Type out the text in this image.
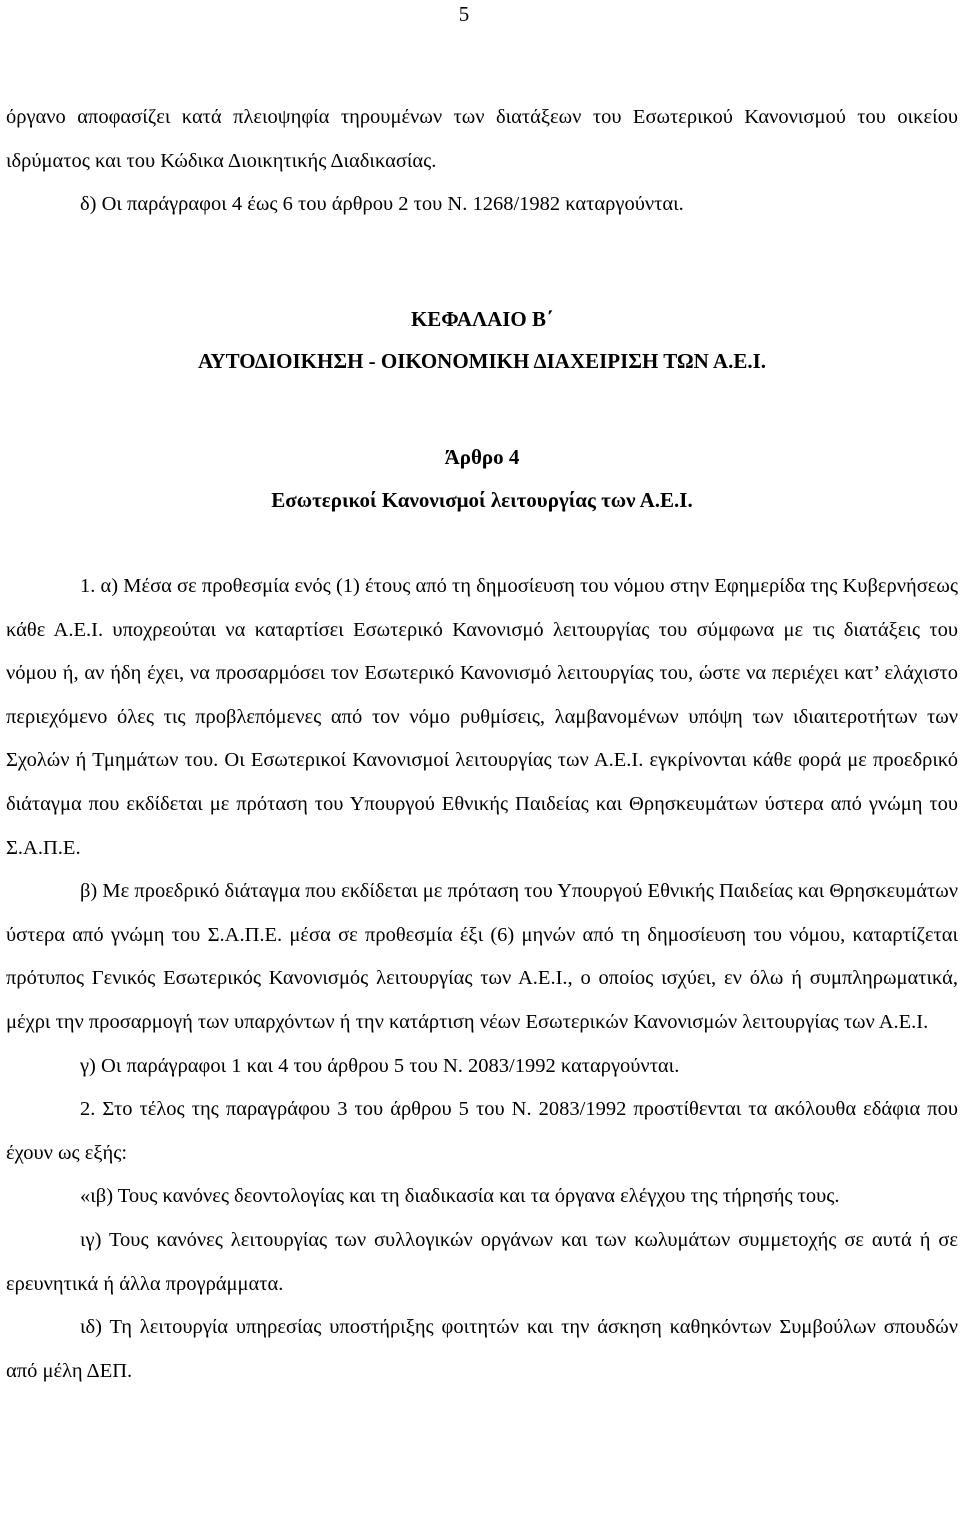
5

όργανο αποφασίζει κατά πλειοψηφία τηρουμένων των διατάξεων του Εσωτερικού Κανονισμού του οικείου ιδρύματος και του Κώδικα Διοικητικής Διαδικασίας.

δ) Οι παράγραφοι 4 έως 6 του άρθρου 2 του Ν. 1268/1982 καταργούνται.

ΚΕΦΑΛΑΙΟ Β΄

ΑΥΤΟΔΙΟΙΚΗΣΗ - ΟΙΚΟΝΟΜΙΚΗ ΔΙΑΧΕΙΡΙΣΗ ΤΩΝ Α.Ε.Ι.

Άρθρο 4

Εσωτερικοί Κανονισμοί λειτουργίας των Α.Ε.Ι.

1. α) Μέσα σε προθεσμία ενός (1) έτους από τη δημοσίευση του νόμου στην Εφημερίδα της Κυβερνήσεως κάθε Α.Ε.Ι. υποχρεούται να καταρτίσει Εσωτερικό Κανονισμό λειτουργίας του σύμφωνα με τις διατάξεις του νόμου ή, αν ήδη έχει, να προσαρμόσει τον Εσωτερικό Κανονισμό λειτουργίας του, ώστε να περιέχει κατ’ ελάχιστο περιεχόμενο όλες τις προβλεπόμενες από τον νόμο ρυθμίσεις, λαμβανομένων υπόψη των ιδιαιτεροτήτων των Σχολών ή Τμημάτων του. Οι Εσωτερικοί Κανονισμοί λειτουργίας των Α.Ε.Ι. εγκρίνονται κάθε φορά με προεδρικό διάταγμα που εκδίδεται με πρόταση του Υπουργού Εθνικής Παιδείας και Θρησκευμάτων ύστερα από γνώμη του Σ.Α.Π.Ε.

β) Με προεδρικό διάταγμα που εκδίδεται με πρόταση του Υπουργού Εθνικής Παιδείας και Θρησκευμάτων ύστερα από γνώμη του Σ.Α.Π.Ε. μέσα σε προθεσμία έξι (6) μηνών από τη δημοσίευση του νόμου, καταρτίζεται πρότυπος Γενικός Εσωτερικός Κανονισμός λειτουργίας των Α.Ε.Ι., ο οποίος ισχύει, εν όλω ή συμπληρωματικά, μέχρι την προσαρμογή των υπαρχόντων ή την κατάρτιση νέων Εσωτερικών Κανονισμών λειτουργίας των Α.Ε.Ι.

γ) Οι παράγραφοι 1 και 4 του άρθρου 5 του Ν. 2083/1992 καταργούνται.

2. Στο τέλος της παραγράφου 3 του άρθρου 5 του Ν. 2083/1992 προστίθενται τα ακόλουθα εδάφια που έχουν ως εξής:

«ιβ) Τους κανόνες δεοντολογίας και τη διαδικασία και τα όργανα ελέγχου της τήρησής τους.

ιγ) Τους κανόνες λειτουργίας των συλλογικών οργάνων και των κωλυμάτων συμμετοχής σε αυτά ή σε ερευνητικά ή άλλα προγράμματα.

ιδ) Τη λειτουργία υπηρεσίας υποστήριξης φοιτητών και την άσκηση καθηκόντων Συμβούλων σπουδών από μέλη ΔΕΠ.
